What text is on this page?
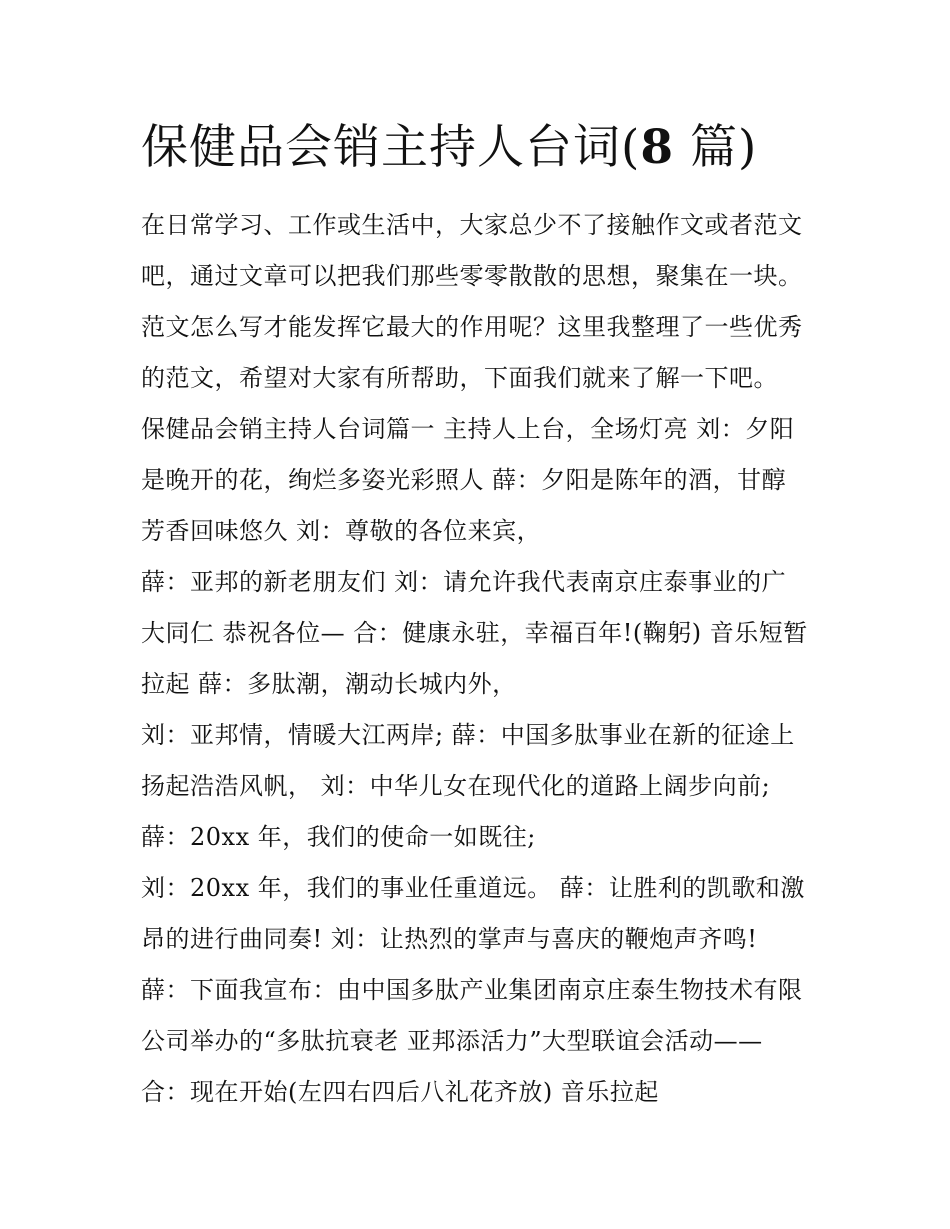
保健品会销主持人台词(8 篇)
在日常学习、工作或生活中，大家总少不了接触作文或者范文
吧，通过文章可以把我们那些零零散散的思想，聚集在一块。
范文怎么写才能发挥它最大的作用呢？这里我整理了一些优秀
的范文，希望对大家有所帮助，下面我们就来了解一下吧。
保健品会销主持人台词篇一 主持人上台，全场灯亮 刘：夕阳
是晚开的花，绚烂多姿光彩照人 薛：夕阳是陈年的酒，甘醇
芳香回味悠久 刘：尊敬的各位来宾，
薛：亚邦的新老朋友们 刘：请允许我代表南京庄泰事业的广
大同仁 恭祝各位— 合：健康永驻，幸福百年!(鞠躬) 音乐短暂
拉起 薛：多肽潮，潮动长城内外，
刘：亚邦情，情暖大江两岸; 薛：中国多肽事业在新的征途上
扬起浩浩风帆， 刘：中华儿女在现代化的道路上阔步向前;
薛：20xx 年，我们的使命一如既往;
刘：20xx 年，我们的事业任重道远。 薛：让胜利的凯歌和激
昂的进行曲同奏! 刘：让热烈的掌声与喜庆的鞭炮声齐鸣!
薛：下面我宣布：由中国多肽产业集团南京庄泰生物技术有限
公司举办的“多肽抗衰老 亚邦添活力”大型联谊会活动——
合：现在开始(左四右四后八礼花齐放) 音乐拉起
